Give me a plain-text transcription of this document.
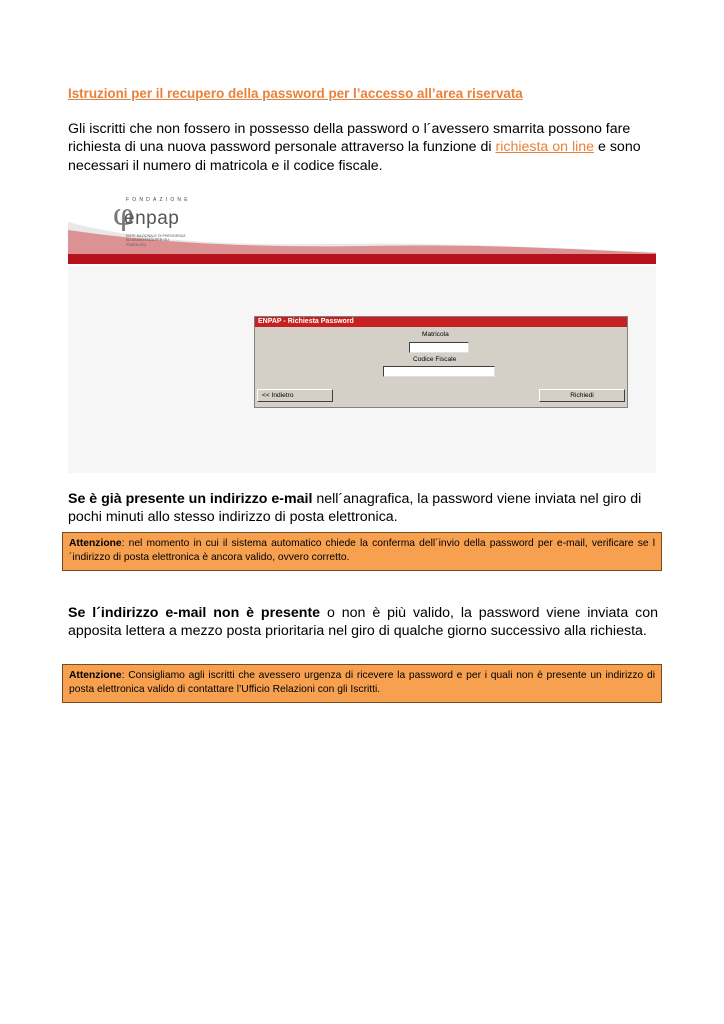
Istruzioni per il recupero della password per l’accesso all’area riservata
Gli iscritti che non fossero in possesso della password o l´avessero smarrita possono fare richiesta di una nuova password personale attraverso la funzione di richiesta on line e sono necessari il numero di matricola e il codice fiscale.
FONDAZIONE
φ
enpap
ENTE NAZIONALE DI PREVIDENZA ED ASSISTENZA PER GLI PSICOLOGI
ENPAP - Richiesta Password
Matricola
Codice Fiscale
<< Indietro	Richiedi
Se è già presente un indirizzo e-mail nell´anagrafica, la password viene inviata nel giro di pochi minuti allo stesso indirizzo di posta elettronica.
Attenzione: nel momento in cui il sistema automatico chiede la conferma dell´invio della password per e-mail, verificare se l´indirizzo di posta elettronica è ancora valido, ovvero corretto.
Se l´indirizzo e-mail non è presente o non è più valido, la password viene inviata con apposita lettera a mezzo posta prioritaria nel giro di qualche giorno successivo alla richiesta.
Attenzione: Consigliamo agli iscritti che avessero urgenza di ricevere la password e per i quali non è presente un indirizzo di posta elettronica valido di contattare l’Ufficio Relazioni con gli Iscritti.
